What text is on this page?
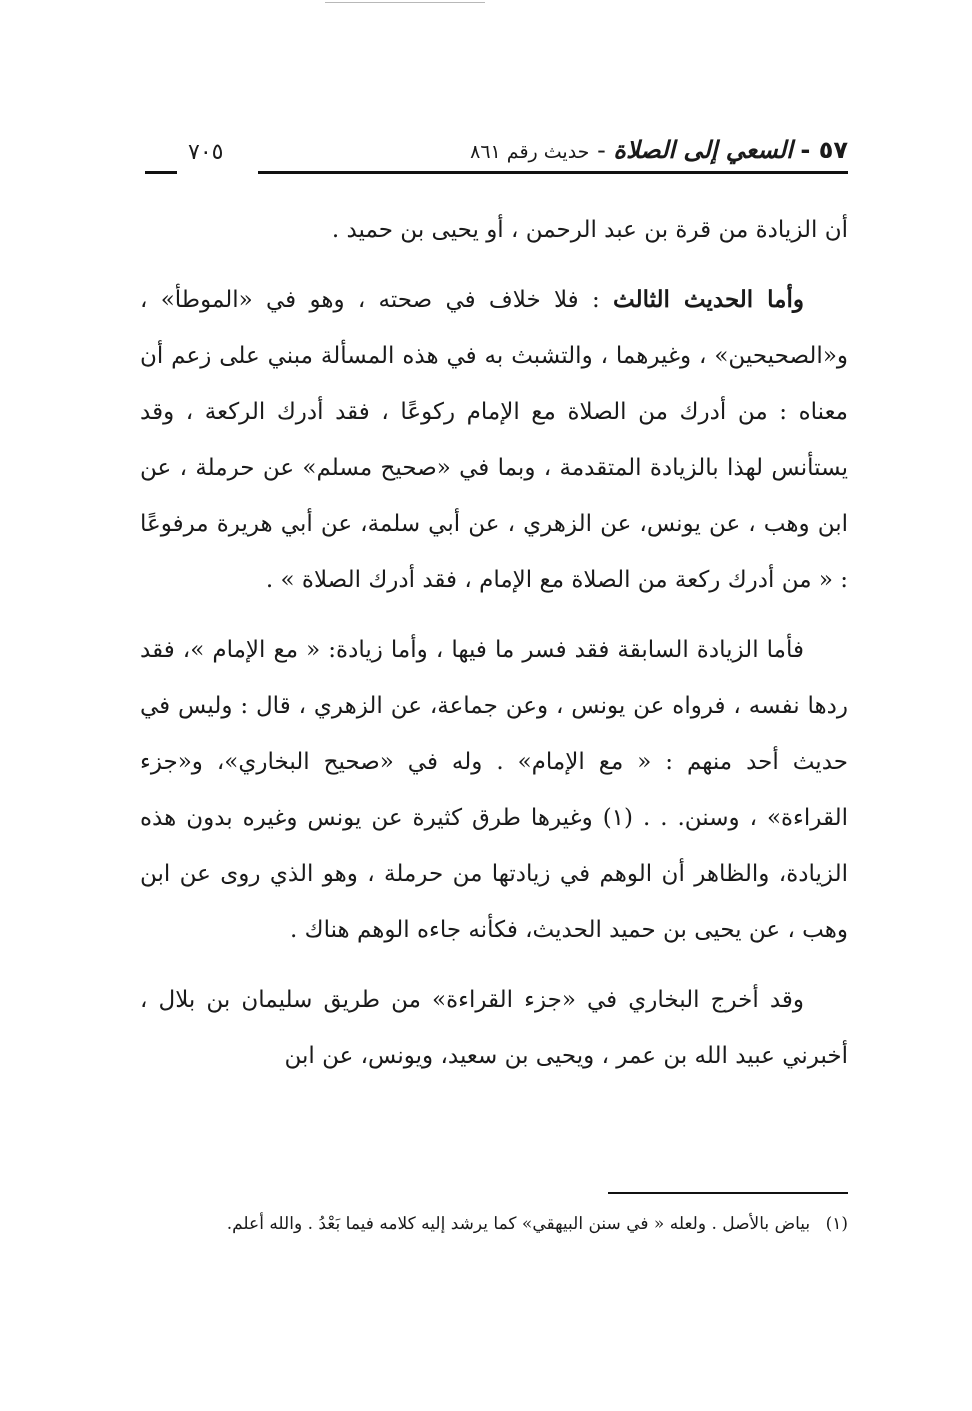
٥٧ - السعي إلى الصلاة - حديث رقم ٨٦١
٧٠٥

أن الزيادة من قرة بن عبد الرحمن ، أو يحيى بن حميد .

وأما الحديث الثالث : فلا خلاف في صحته ، وهو في «الموطأ» ، و«الصحيحين» ، وغيرهما ، والتشبث به في هذه المسألة مبني على زعم أن معناه : من أدرك من الصلاة مع الإمام ركوعًا ، فقد أدرك الركعة ، وقد يستأنس لهذا بالزيادة المتقدمة ، وبما في «صحيح مسلم» عن حرملة ، عن ابن وهب ، عن يونس، عن الزهري ، عن أبي سلمة، عن أبي هريرة مرفوعًا : « من أدرك ركعة من الصلاة مع الإمام ، فقد أدرك الصلاة » .

فأما الزيادة السابقة فقد فسر ما فيها ، وأما زيادة: « مع الإمام »، فقد ردها نفسه ، فرواه عن يونس ، وعن جماعة، عن الزهري ، قال : وليس في حديث أحد منهم : « مع الإمام» . وله في «صحيح البخاري»، و«جزء القراءة» ، وسنن. . . (١) وغيرها طرق كثيرة عن يونس وغيره بدون هذه الزيادة، والظاهر أن الوهم في زيادتها من حرملة ، وهو الذي روى عن ابن وهب ، عن يحيى بن حميد الحديث، فكأنه جاءه الوهم هناك .

وقد أخرج البخاري في «جزء القراءة» من طريق سليمان بن بلال ، أخبرني عبيد الله بن عمر ، ويحيى بن سعيد، ويونس، عن ابن

(١) بياض بالأصل . ولعله « في سنن البيهقي» كما يرشد إليه كلامه فيما بَعْدُ . والله أعلم.
